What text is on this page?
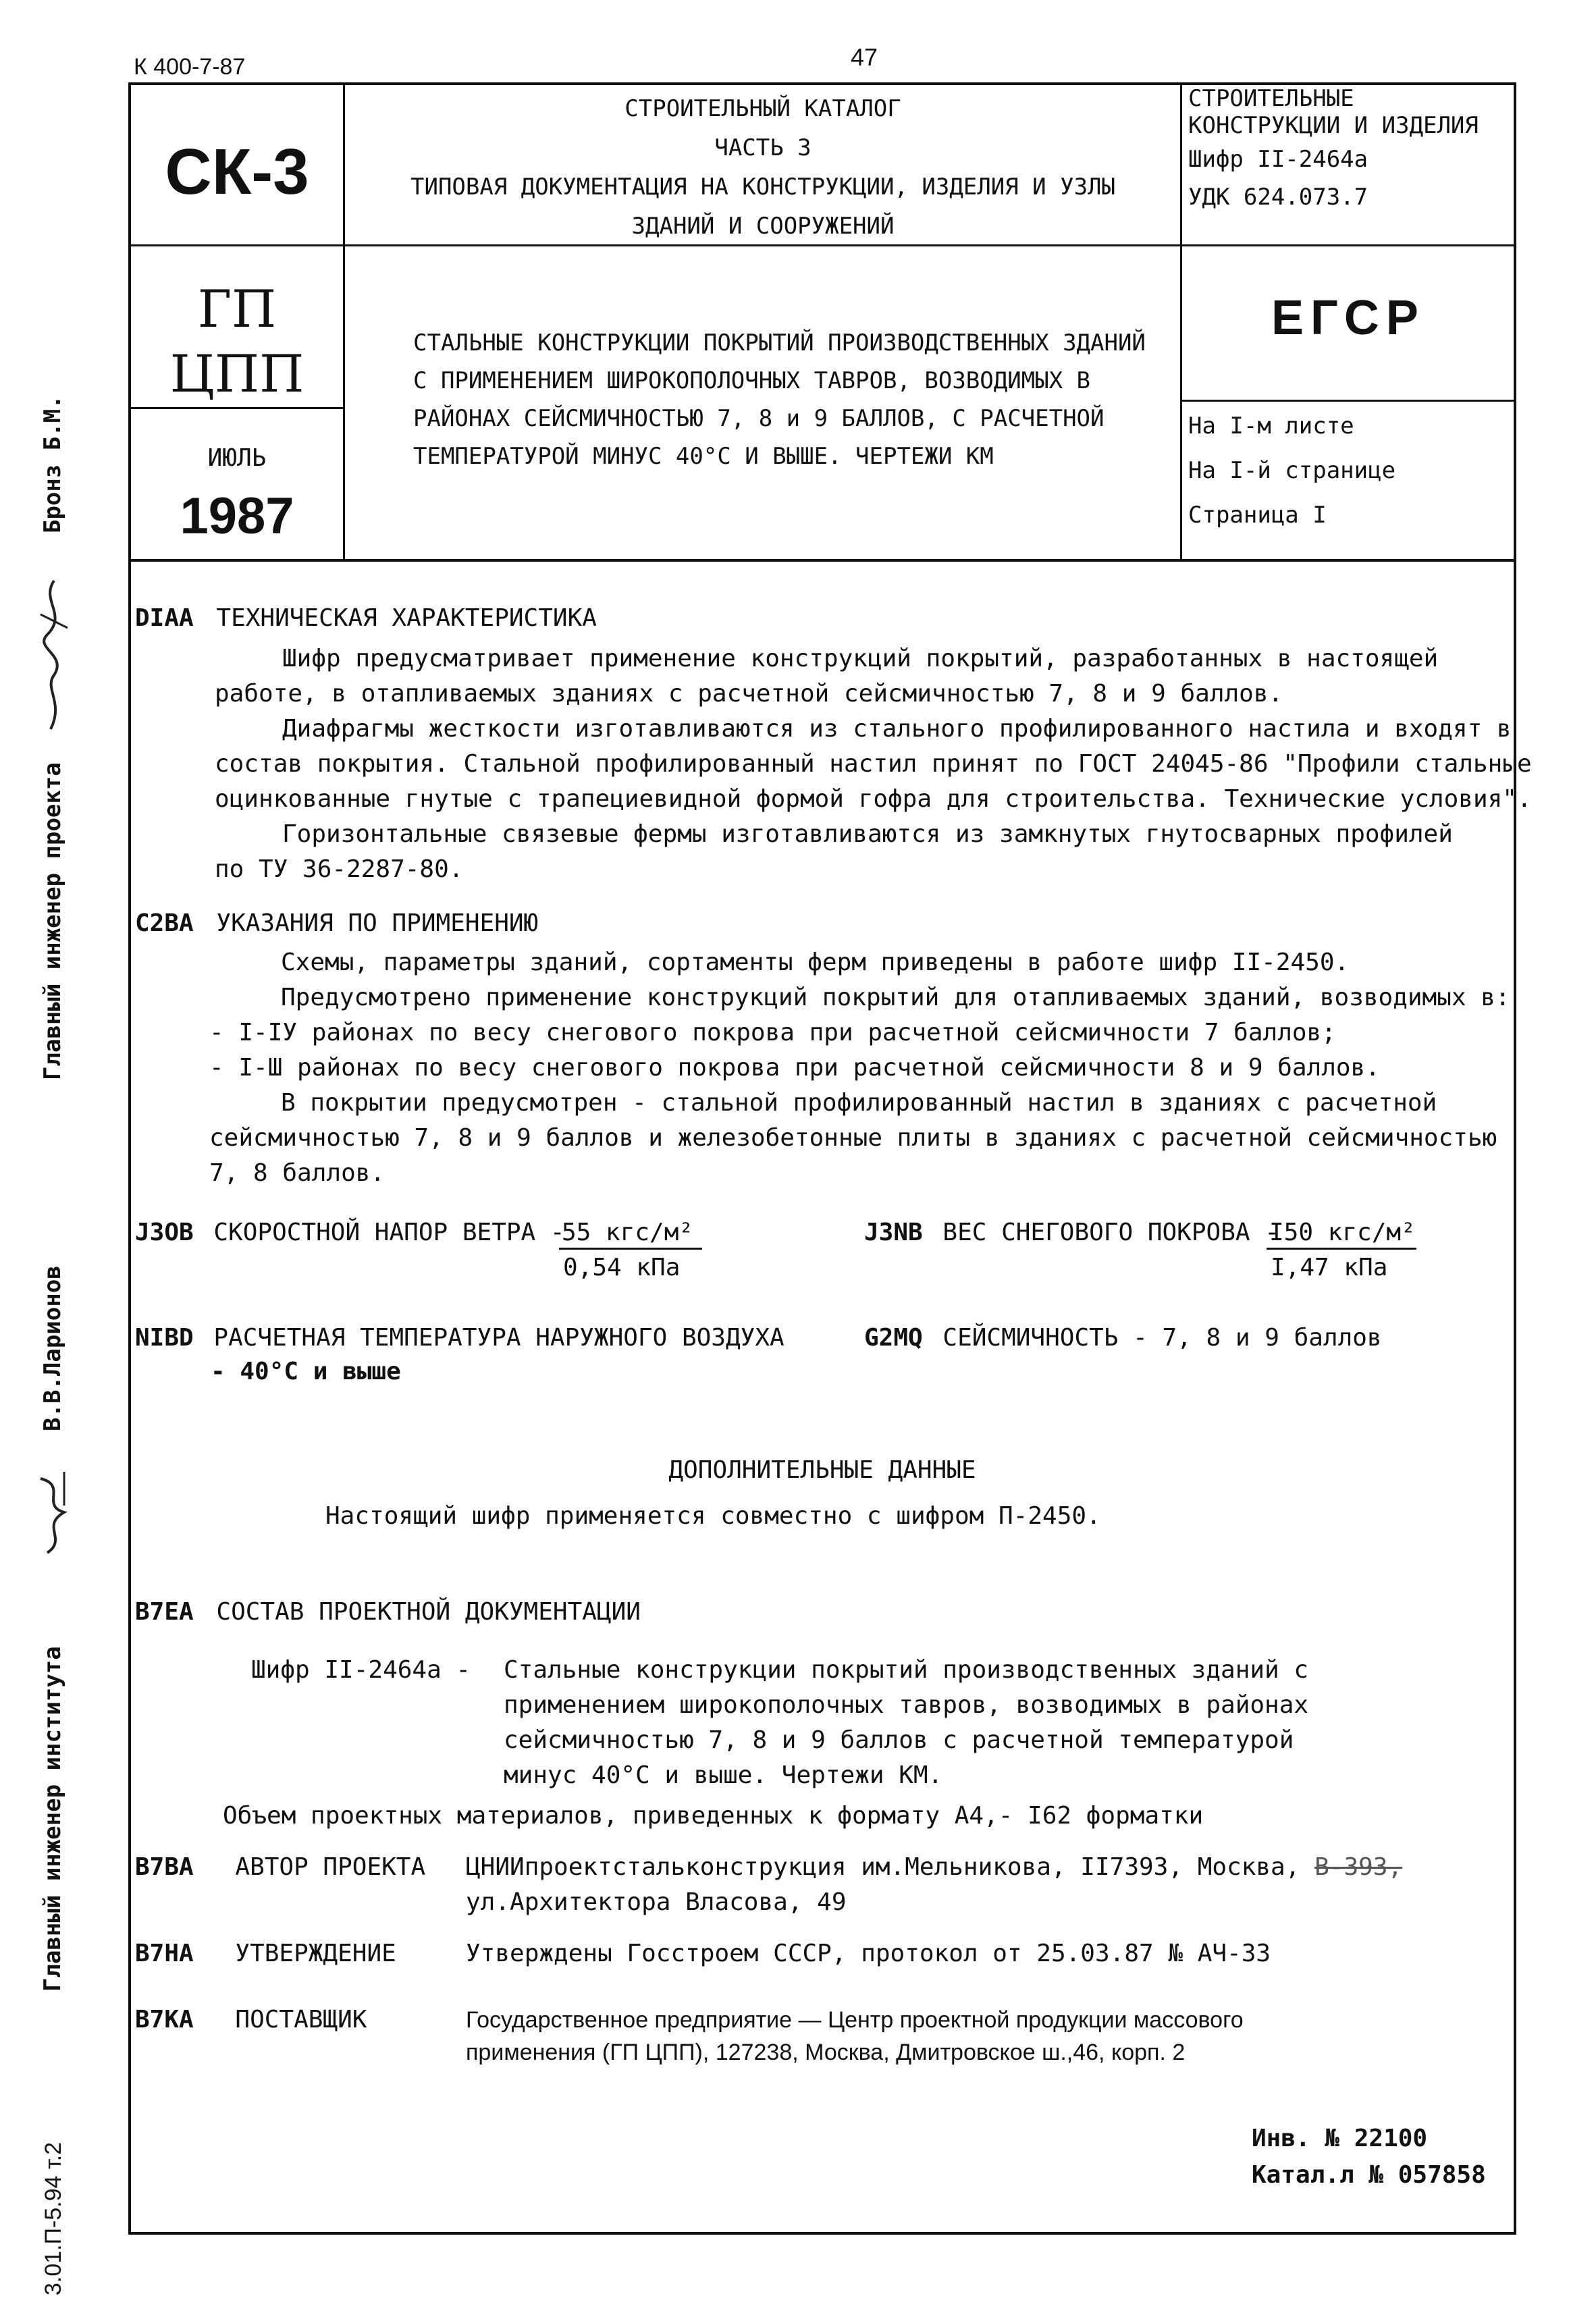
К 400-7-87	47
СК-3
СТРОИТЕЛЬНЫЙ КАТАЛОГ
ЧАСТЬ 3
ТИПОВАЯ ДОКУМЕНТАЦИЯ НА КОНСТРУКЦИИ, ИЗДЕЛИЯ И УЗЛЫ
ЗДАНИЙ И СООРУЖЕНИЙ
СТРОИТЕЛЬНЫЕ
КОНСТРУКЦИИ И ИЗДЕЛИЯ
Шифр II-2464а
УДК 624.073.7
ГП
ЦПП
ИЮЛЬ
1987
СТАЛЬНЫЕ КОНСТРУКЦИИ ПОКРЫТИЙ ПРОИЗВОДСТВЕННЫХ ЗДАНИЙ
С ПРИМЕНЕНИЕМ ШИРОКОПОЛОЧНЫХ ТАВРОВ, ВОЗВОДИМЫХ В
РАЙОНАХ СЕЙСМИЧНОСТЬЮ 7, 8 и 9 БАЛЛОВ, С РАСЧЕТНОЙ
ТЕМПЕРАТУРОЙ МИНУС 40°С И ВЫШЕ. ЧЕРТЕЖИ КМ
ЕГСР
На I-м листе
На I-й странице
Страница I
DIAA ТЕХНИЧЕСКАЯ ХАРАКТЕРИСТИКА
Шифр предусматривает применение конструкций покрытий, разработанных в настоящей
работе, в отапливаемых зданиях с расчетной сейсмичностью 7, 8 и 9 баллов.
Диафрагмы жесткости изготавливаются из стального профилированного настила и входят в
состав покрытия. Стальной профилированный настил принят по ГОСТ 24045-86 "Профили стальные
оцинкованные гнутые с трапециевидной формой гофра для строительства. Технические условия".
Горизонтальные связевые фермы изготавливаются из замкнутых гнутосварных профилей
по ТУ 36-2287-80.
C2BA УКАЗАНИЯ ПО ПРИМЕНЕНИЮ
Схемы, параметры зданий, сортаменты ферм приведены в работе шифр II-2450.
Предусмотрено применение конструкций покрытий для отапливаемых зданий, возводимых в:
- I-IУ районах по весу снегового покрова при расчетной сейсмичности 7 баллов;
- I-Ш районах по весу снегового покрова при расчетной сейсмичности 8 и 9 баллов.
В покрытии предусмотрен - стальной профилированный настил в зданиях с расчетной
сейсмичностью 7, 8 и 9 баллов и железобетонные плиты в зданиях с расчетной сейсмичностью
7, 8 баллов.
J3OB СКОРОСТНОЙ НАПОР ВЕТРА -
55 кгс/м²
0,54 кПа
J3NB ВЕС СНЕГОВОГО ПОКРОВА -
I50 кгс/м²
I,47 кПа
NIBD РАСЧЕТНАЯ ТЕМПЕРАТУРА НАРУЖНОГО ВОЗДУХА
- 40°С и выше
G2MQ СЕЙСМИЧНОСТЬ - 7, 8 и 9 баллов
ДОПОЛНИТЕЛЬНЫЕ ДАННЫЕ
Настоящий шифр применяется совместно с шифром П-2450.
B7EA СОСТАВ ПРОЕКТНОЙ ДОКУМЕНТАЦИИ
Шифр II-2464а - Стальные конструкции покрытий производственных зданий с
применением широкополочных тавров, возводимых в районах
сейсмичностью 7, 8 и 9 баллов с расчетной температурой
минус 40°С и выше. Чертежи КМ.
Объем проектных материалов, приведенных к формату А4,- I62 форматки
B7BA АВТОР ПРОЕКТА ЦНИИпроектстальконструкция им.Мельникова, II7393, Москва, В-393,
ул.Архитектора Власова, 49
B7HA УТВЕРЖДЕНИЕ	Утверждены Госстроем СССР, протокол от 25.03.87 № АЧ-33
B7KA ПОСТАВЩИК	Государственное предприятие — Центр проектной продукции массового
применения (ГП ЦПП), 127238, Москва, Дмитровское ш.,46, корп. 2
Инв. № 22100
Катал.л № 057858
Главный инженер проекта
Бронз Б.М.
В.В.Ларионов
Главный инженер института
3.01.П-5.94 т.2
